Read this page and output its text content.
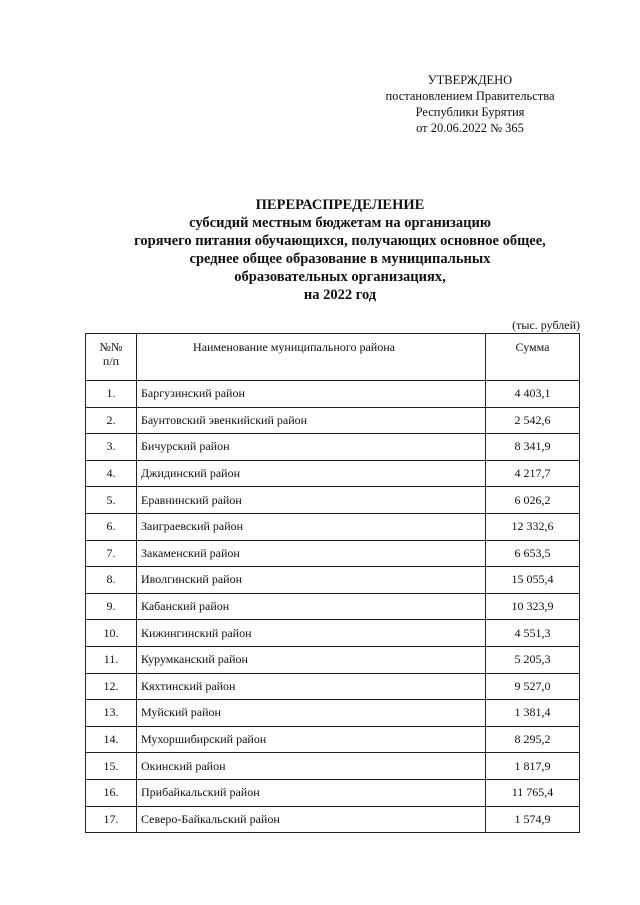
УТВЕРЖДЕНО
постановлением Правительства
Республики Бурятия
от 20.06.2022 № 365
ПЕРЕРАСПРЕДЕЛЕНИЕ
субсидий местным бюджетам на организацию
горячего питания обучающихся, получающих основное общее,
среднее общее образование в муниципальных
образовательных организациях,
на 2022 год
(тыс. рублей)
№№
п/п	Наименование муниципального района	Сумма
1.	Баргузинский район	4 403,1
2.	Баунтовский эвенкийский район	2 542,6
3.	Бичурский район	8 341,9
4.	Джидинский район	4 217,7
5.	Еравнинский район	6 026,2
6.	Заиграевский район	12 332,6
7.	Закаменский район	6 653,5
8.	Иволгинский район	15 055,4
9.	Кабанский район	10 323,9
10.	Кижингинский район	4 551,3
11.	Курумканский район	5 205,3
12.	Кяхтинский район	9 527,0
13.	Муйский район	1 381,4
14.	Мухоршибирский район	8 295,2
15.	Окинский район	1 817,9
16.	Прибайкальский район	11 765,4
17.	Северо-Байкальский район	1 574,9
